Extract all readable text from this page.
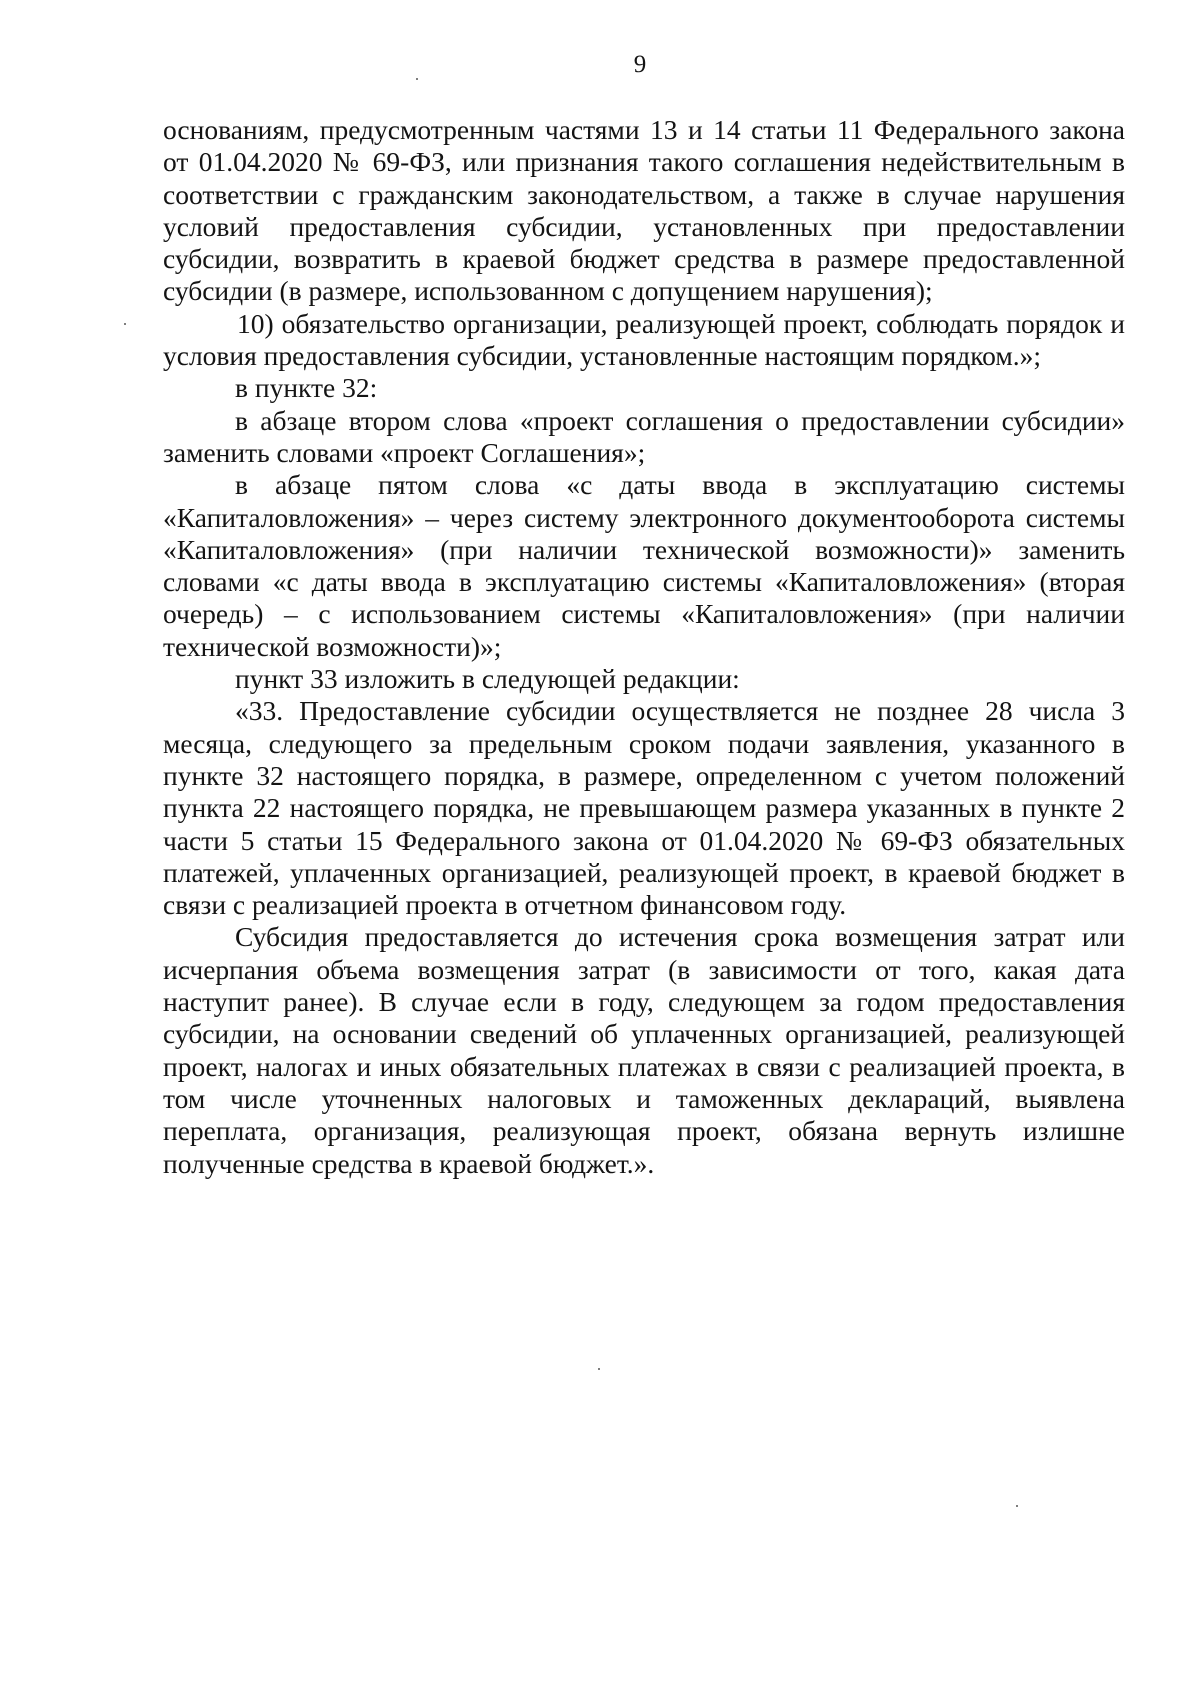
9

основаниям, предусмотренным частями 13 и 14 статьи 11 Федерального закона от 01.04.2020 № 69-ФЗ, или признания такого соглашения недействительным в соответствии с гражданским законодательством, а также в случае нарушения условий предоставления субсидии, установленных при предоставлении субсидии, возвратить в краевой бюджет средства в размере предоставленной субсидии (в размере, использованном с допущением нарушения);

10) обязательство организации, реализующей проект, соблюдать порядок и условия предоставления субсидии, установленные настоящим порядком.»;

в пункте 32:

в абзаце втором слова «проект соглашения о предоставлении субсидии» заменить словами «проект Соглашения»;

в абзаце пятом слова «с даты ввода в эксплуатацию системы «Капиталовложения» – через систему электронного документооборота системы «Капиталовложения» (при наличии технической возможности)» заменить словами «с даты ввода в эксплуатацию системы «Капиталовложения» (вторая очередь) – с использованием системы «Капиталовложения» (при наличии технической возможности)»;

пункт 33 изложить в следующей редакции:

«33. Предоставление субсидии осуществляется не позднее 28 числа 3 месяца, следующего за предельным сроком подачи заявления, указанного в пункте 32 настоящего порядка, в размере, определенном с учетом положений пункта 22 настоящего порядка, не превышающем размера указанных в пункте 2 части 5 статьи 15 Федерального закона от 01.04.2020 № 69-ФЗ обязательных платежей, уплаченных организацией, реализующей проект, в краевой бюджет в связи с реализацией проекта в отчетном финансовом году.

Субсидия предоставляется до истечения срока возмещения затрат или исчерпания объема возмещения затрат (в зависимости от того, какая дата наступит ранее). В случае если в году, следующем за годом предоставления субсидии, на основании сведений об уплаченных организацией, реализующей проект, налогах и иных обязательных платежах в связи с реализацией проекта, в том числе уточненных налоговых и таможенных деклараций, выявлена переплата, организация, реализующая проект, обязана вернуть излишне полученные средства в краевой бюджет.».
